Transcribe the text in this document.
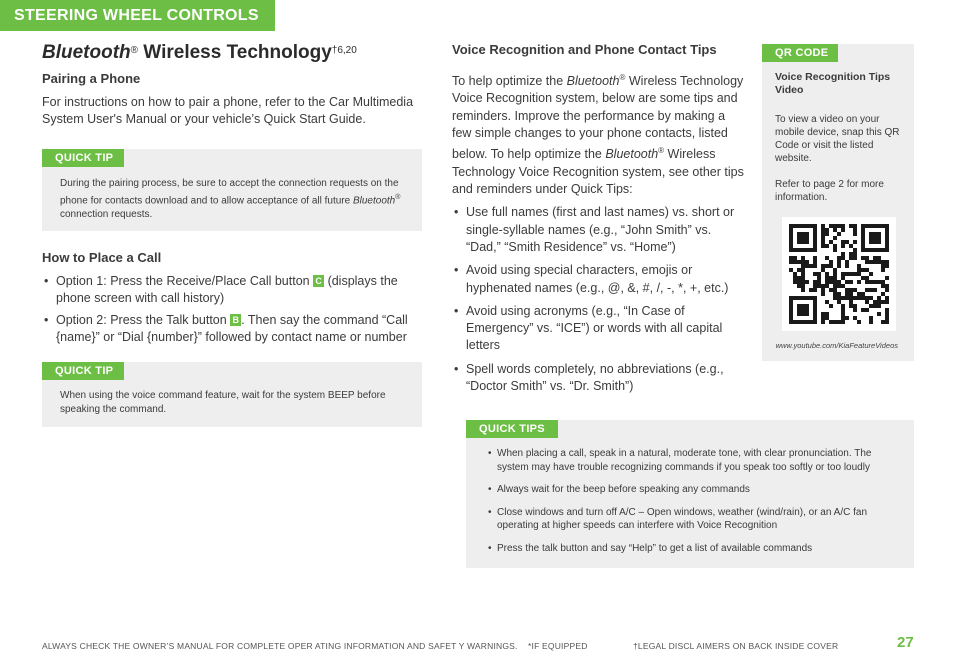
STEERING WHEEL CONTROLS
Bluetooth® Wireless Technology$^{\dagger 6,20}$
Pairing a Phone
For instructions on how to pair a phone, refer to the Car Multimedia System User's Manual or your vehicle’s Quick Start Guide.
QUICK TIP
During the pairing process, be sure to accept the connection requests on the phone for contacts download and to allow acceptance of all future Bluetooth® connection requests.
How to Place a Call
• Option 1: Press the Receive/Place Call button C (displays the phone screen with call history)
• Option 2: Press the Talk button B . Then say the command “Call {name}” or “Dial {number}” followed by contact name or number
QUICK TIP
When using the voice command feature, wait for the system BEEP before speaking the command.
Voice Recognition and Phone Contact Tips
To help optimize the Bluetooth® Wireless Technology Voice Recognition system, below are some tips and reminders. Improve the performance by making a few simple changes to your phone contacts, listed below. To help optimize the Bluetooth® Wireless Technology Voice Recognition system, see other tips and reminders under Quick Tips:
• Use full names (first and last names) vs. short or single-syllable names (e.g., “John Smith” vs. “Dad,” “Smith Residence” vs. “Home”)
• Avoid using special characters, emojis or hyphenated names (e.g., @, &, #, /, -, *, +, etc.)
• Avoid using acronyms (e.g., “In Case of Emergency” vs. “ICE”) or words with all capital letters
• Spell words completely, no abbreviations (e.g., “Doctor Smith” vs. “Dr. Smith”)
QR CODE
Voice Recognition Tips Video
To view a video on your mobile device, snap this QR Code or visit the listed website.
Refer to page 2 for more information.
www.youtube.com/KiaFeatureVideos
QUICK TIPS
• When placing a call, speak in a natural, moderate tone, with clear pronunciation. The system may have trouble recognizing commands if you speak too softly or too loudly
• Always wait for the beep before speaking any commands
• Close windows and turn off A/C – Open windows, weather (wind/rain), or an A/C fan operating at higher speeds can interfere with Voice Recognition
• Press the talk button and say “Help” to get a list of available commands
ALWAYS CHECK THE OWNER’S MANUAL FOR COMPLETE OPER ATING INFORMATION AND SAFET Y WARNINGS. *IF EQUIPPED	†LEGAL DISCL AIMERS ON BACK INSIDE COVER	27
